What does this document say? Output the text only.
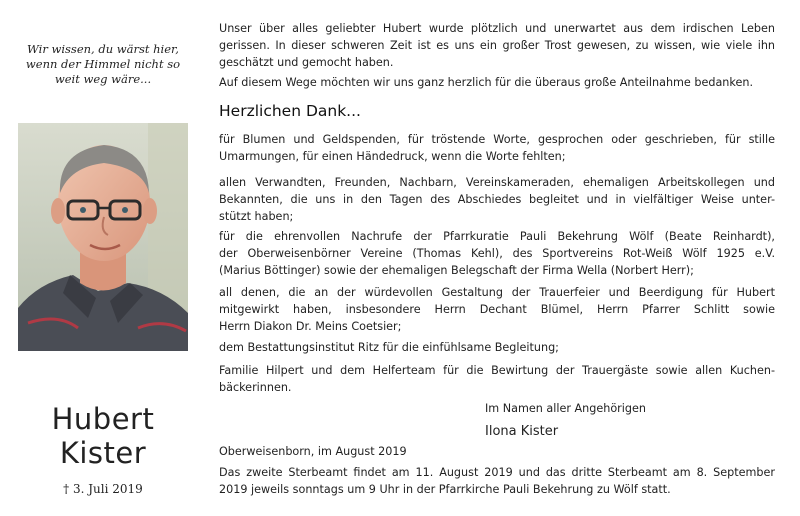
Wir wissen, du wärst hier,
wenn der Himmel nicht so
weit weg wäre...
Hubert
Kister
† 3. Juli 2019
Unser über alles geliebter Hubert wurde plötzlich und unerwartet aus dem irdischen Leben
gerissen. In dieser schweren Zeit ist es uns ein großer Trost gewesen, zu wissen, wie viele ihn
geschätzt und gemocht haben.
Auf diesem Wege möchten wir uns ganz herzlich für die überaus große Anteilnahme bedanken.
Herzlichen Dank...
für Blumen und Geldspenden, für tröstende Worte, gesprochen oder geschrieben, für stille
Umarmungen, für einen Händedruck, wenn die Worte fehlten;
allen Verwandten, Freunden, Nachbarn, Vereinskameraden, ehemaligen Arbeitskollegen und
Bekannten, die uns in den Tagen des Abschiedes begleitet und in vielfältiger Weise unter-
stützt haben;
für die ehrenvollen Nachrufe der Pfarrkuratie Pauli Bekehrung Wölf (Beate Reinhardt),
der Oberweisenbörner Vereine (Thomas Kehl), des Sportvereins Rot-Weiß Wölf 1925 e.V.
(Marius Böttinger) sowie der ehemaligen Belegschaft der Firma Wella (Norbert Herr);
all denen, die an der würdevollen Gestaltung der Trauerfeier und Beerdigung für Hubert
mitgewirkt haben, insbesondere Herrn Dechant Blümel, Herrn Pfarrer Schlitt sowie
Herrn Diakon Dr. Meins Coetsier;
dem Bestattungsinstitut Ritz für die einfühlsame Begleitung;
Familie Hilpert und dem Helferteam für die Bewirtung der Trauergäste sowie allen Kuchen-
bäckerinnen.
Im Namen aller Angehörigen
Ilona Kister
Oberweisenborn, im August 2019
Das zweite Sterbeamt findet am 11. August 2019 und das dritte Sterbeamt am 8. September
2019 jeweils sonntags um 9 Uhr in der Pfarrkirche Pauli Bekehrung zu Wölf statt.
